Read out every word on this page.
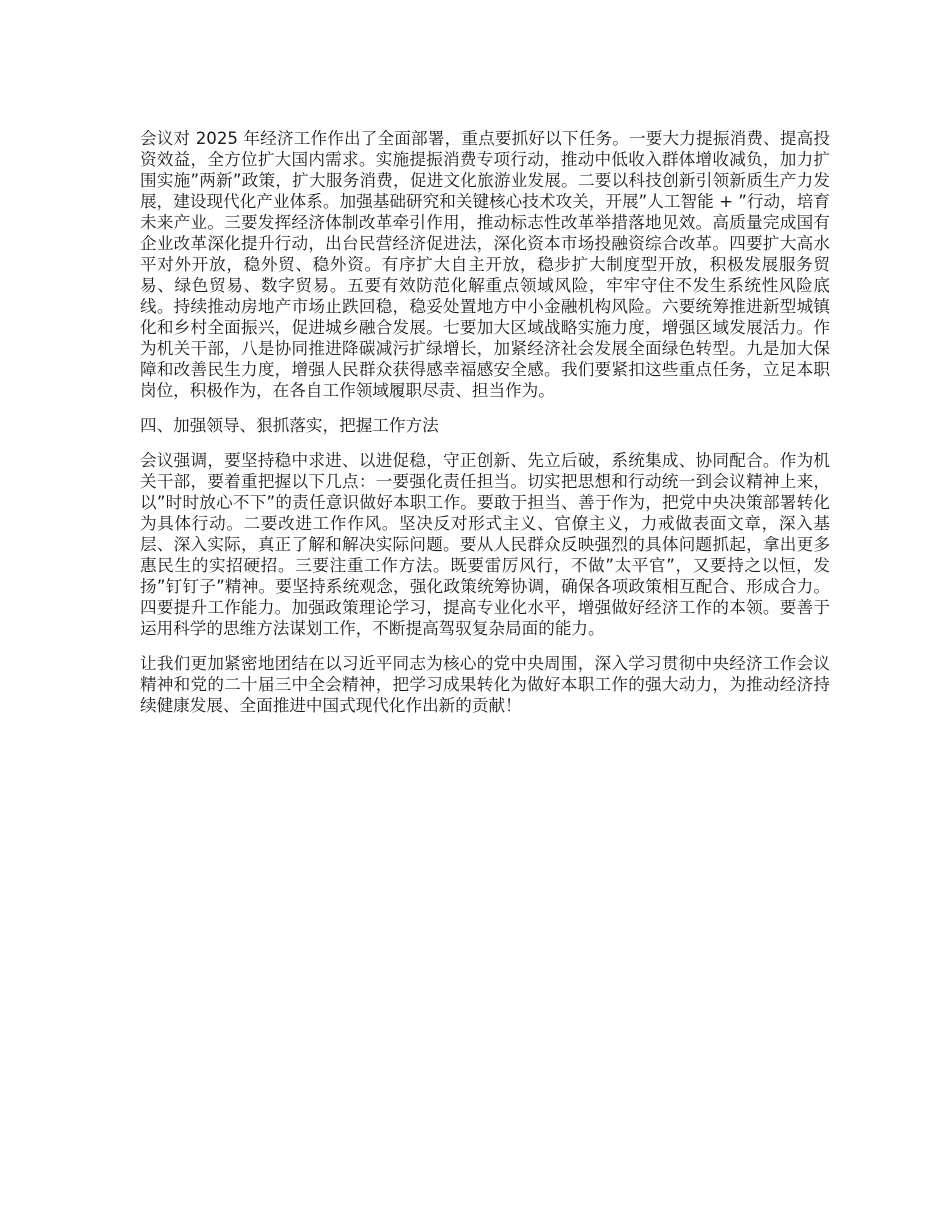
会议对 2025 年经济工作作出了全面部署，重点要抓好以下任务。一要大力提振消费、提高投资效益，全方位扩大国内需求。实施提振消费专项行动，推动中低收入群体增收减负，加力扩围实施”两新”政策，扩大服务消费，促进文化旅游业发展。二要以科技创新引领新质生产力发展，建设现代化产业体系。加强基础研究和关键核心技术攻关，开展”人工智能 + ”行动，培育未来产业。三要发挥经济体制改革牵引作用，推动标志性改革举措落地见效。高质量完成国有企业改革深化提升行动，出台民营经济促进法，深化资本市场投融资综合改革。四要扩大高水平对外开放，稳外贸、稳外资。有序扩大自主开放，稳步扩大制度型开放，积极发展服务贸易、绿色贸易、数字贸易。五要有效防范化解重点领域风险，牢牢守住不发生系统性风险底线。持续推动房地产市场止跌回稳，稳妥处置地方中小金融机构风险。六要统筹推进新型城镇化和乡村全面振兴，促进城乡融合发展。七要加大区域战略实施力度，增强区域发展活力。作为机关干部，八是协同推进降碳减污扩绿增长，加紧经济社会发展全面绿色转型。九是加大保障和改善民生力度，增强人民群众获得感幸福感安全感。我们要紧扣这些重点任务，立足本职岗位，积极作为，在各自工作领域履职尽责、担当作为。

四、加强领导、狠抓落实，把握工作方法

会议强调，要坚持稳中求进、以进促稳，守正创新、先立后破，系统集成、协同配合。作为机关干部，要着重把握以下几点：一要强化责任担当。切实把思想和行动统一到会议精神上来，以”时时放心不下”的责任意识做好本职工作。要敢于担当、善于作为，把党中央决策部署转化为具体行动。二要改进工作作风。坚决反对形式主义、官僚主义，力戒做表面文章，深入基层、深入实际，真正了解和解决实际问题。要从人民群众反映强烈的具体问题抓起，拿出更多惠民生的实招硬招。三要注重工作方法。既要雷厉风行，不做”太平官”，又要持之以恒，发扬”钉钉子”精神。要坚持系统观念，强化政策统筹协调，确保各项政策相互配合、形成合力。四要提升工作能力。加强政策理论学习，提高专业化水平，增强做好经济工作的本领。要善于运用科学的思维方法谋划工作，不断提高驾驭复杂局面的能力。

让我们更加紧密地团结在以习近平同志为核心的党中央周围，深入学习贯彻中央经济工作会议精神和党的二十届三中全会精神，把学习成果转化为做好本职工作的强大动力，为推动经济持续健康发展、全面推进中国式现代化作出新的贡献！
